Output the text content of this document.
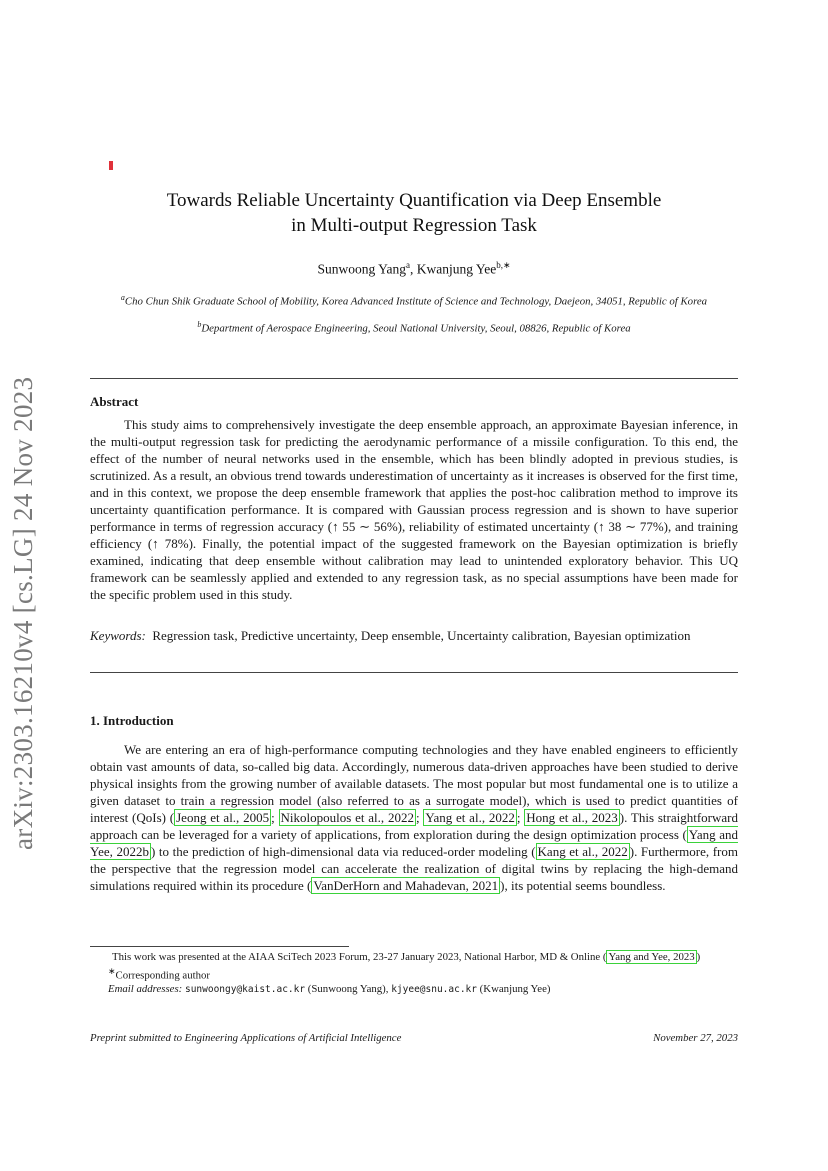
arXiv:2303.16210v4 [cs.LG] 24 Nov 2023
Towards Reliable Uncertainty Quantification via Deep Ensemble
in Multi-output Regression Task
Sunwoong Yang$^a$, Kwanjung Yee$^{b,∗}$
$^a$Cho Chun Shik Graduate School of Mobility, Korea Advanced Institute of Science and Technology, Daejeon, 34051, Republic of Korea
$^b$Department of Aerospace Engineering, Seoul National University, Seoul, 08826, Republic of Korea
Abstract
This study aims to comprehensively investigate the deep ensemble approach, an approximate Bayesian inference, in the multi-output regression task for predicting the aerodynamic performance of a missile configuration. To this end, the effect of the number of neural networks used in the ensemble, which has been blindly adopted in previous studies, is scrutinized. As a result, an obvious trend towards underestimation of uncertainty as it increases is observed for the first time, and in this context, we propose the deep ensemble framework that applies the post-hoc calibration method to improve its uncertainty quantification performance. It is compared with Gaussian process regression and is shown to have superior performance in terms of regression accuracy (↑ 55 ∼ 56%), reliability of estimated uncertainty (↑ 38 ∼ 77%), and training efficiency (↑ 78%). Finally, the potential impact of the suggested framework on the Bayesian optimization is briefly examined, indicating that deep ensemble without calibration may lead to unintended exploratory behavior. This UQ framework can be seamlessly applied and extended to any regression task, as no special assumptions have been made for the specific problem used in this study.
Keywords: Regression task, Predictive uncertainty, Deep ensemble, Uncertainty calibration, Bayesian optimization
1. Introduction
We are entering an era of high-performance computing technologies and they have enabled engineers to efficiently obtain vast amounts of data, so-called big data. Accordingly, numerous data-driven approaches have been studied to derive physical insights from the growing number of available datasets. The most popular but most fundamental one is to utilize a given dataset to train a regression model (also referred to as a surrogate model), which is used to predict quantities of interest (QoIs) ( Jeong et al., 2005 ; Nikolopoulos et al., 2022 ; Yang et al., 2022 ; Hong et al., 2023 ). This straightforward approach can be leveraged for a variety of applications, from exploration during the design optimization process ( Yang and Yee, 2022b ) to the prediction of high-dimensional data via reduced-order modeling ( Kang et al., 2022 ). Furthermore, from the perspective that the regression model can accelerate the realization of digital twins by replacing the high-demand simulations required within its procedure ( VanDerHorn and Mahadevan, 2021 ), its potential seems boundless.
This work was presented at the AIAA SciTech 2023 Forum, 23-27 January 2023, National Harbor, MD & Online ( Yang and Yee, 2023 )
∗Corresponding author
Email addresses: sunwoongy@kaist.ac.kr (Sunwoong Yang), kjyee@snu.ac.kr (Kwanjung Yee)
Preprint submitted to Engineering Applications of Artificial Intelligence	November 27, 2023
